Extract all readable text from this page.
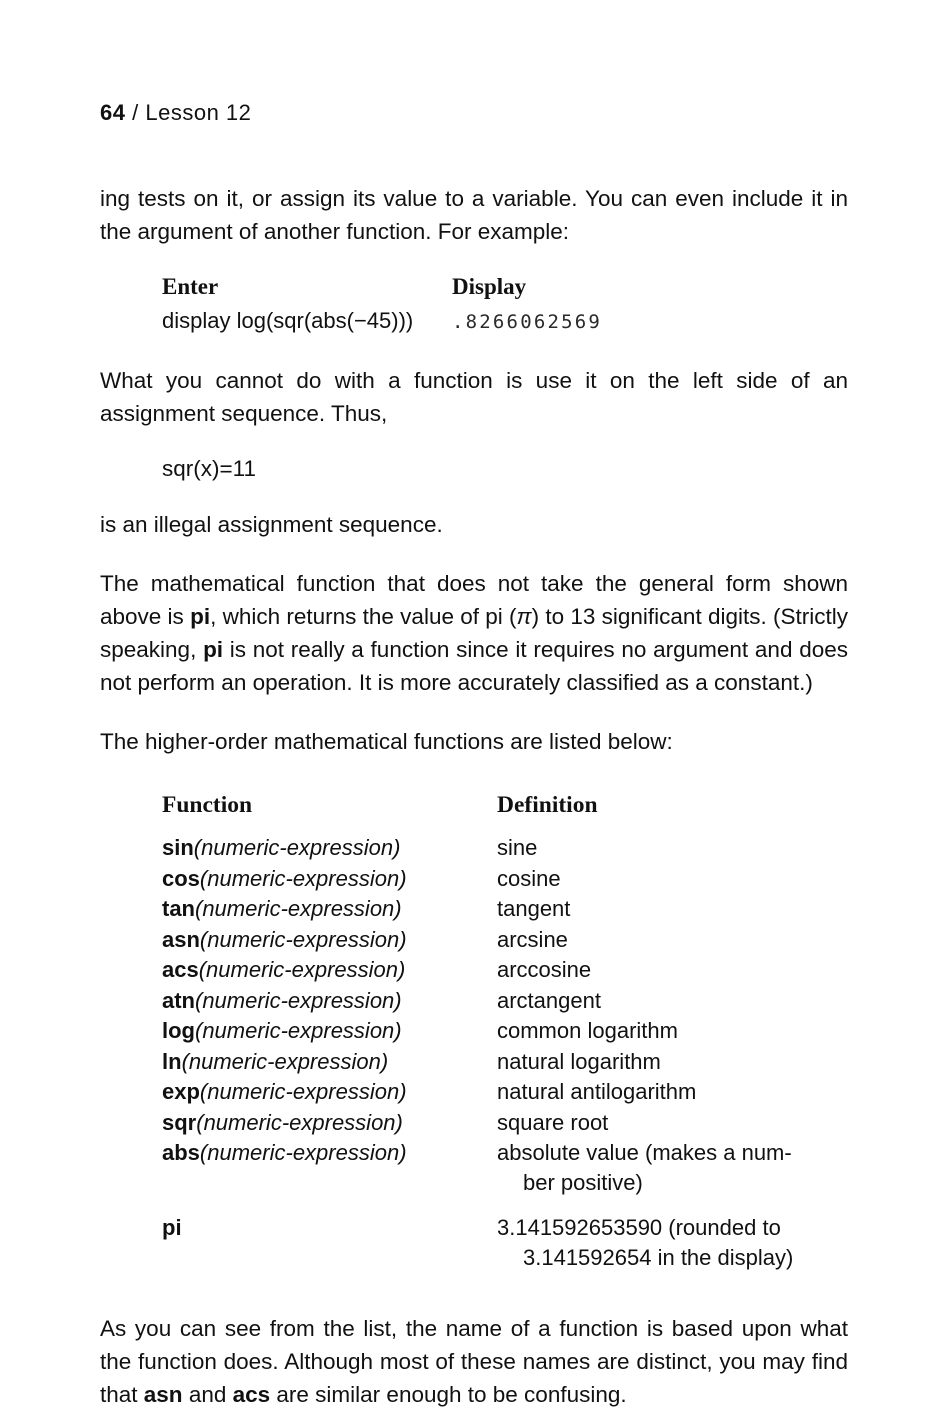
64 / Lesson 12

ing tests on it, or assign its value to a variable. You can even include it in the argument of another function. For example:

Enter	Display
display log(sqr(abs(−45)))	.8266062569

What you cannot do with a function is use it on the left side of an assignment sequence. Thus,

sqr(x)=11

is an illegal assignment sequence.

The mathematical function that does not take the general form shown above is pi, which returns the value of pi (π) to 13 significant digits. (Strictly speaking, pi is not really a function since it requires no argument and does not perform an operation. It is more accurately classified as a constant.)

The higher-order mathematical functions are listed below:

Function	Definition
sin(numeric-expression)	sine
cos(numeric-expression)	cosine
tan(numeric-expression)	tangent
asn(numeric-expression)	arcsine
acs(numeric-expression)	arccosine
atn(numeric-expression)	arctangent
log(numeric-expression)	common logarithm
ln(numeric-expression)	natural logarithm
exp(numeric-expression)	natural antilogarithm
sqr(numeric-expression)	square root
abs(numeric-expression)	absolute value (makes a num-
ber positive)
pi	3.141592653590 (rounded to
3.141592654 in the display)

As you can see from the list, the name of a function is based upon what the function does. Although most of these names are distinct, you may find that asn and acs are similar enough to be confusing.
